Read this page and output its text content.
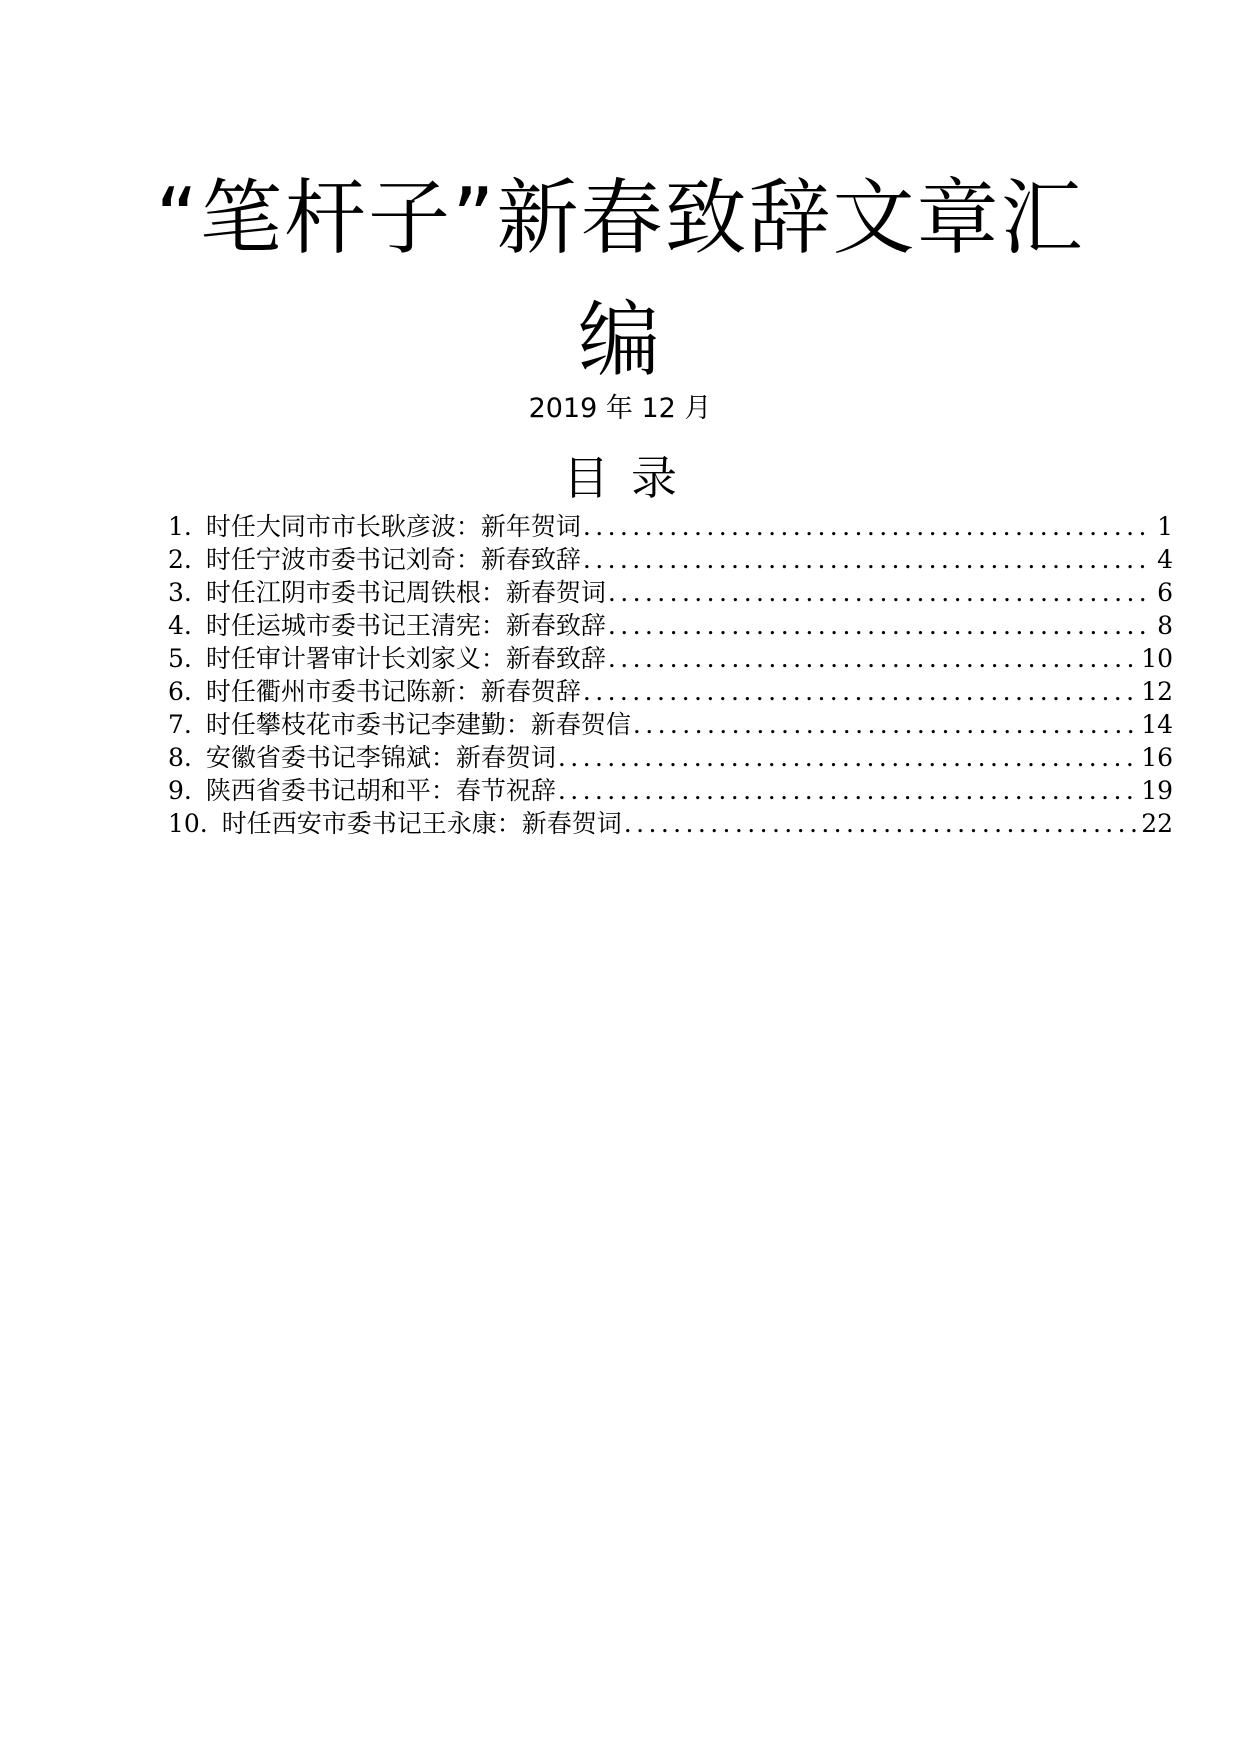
“笔杆子”新春致辞文章汇
编
2019 年 12 月
目录
1. 时任大同市市长耿彦波：新年贺词 .....	1
2. 时任宁波市委书记刘奇：新春致辞 .....	4
3. 时任江阴市委书记周铁根：新春贺词 .....	6
4. 时任运城市委书记王清宪：新春致辞 .....	8
5. 时任审计署审计长刘家义：新春致辞 .....	10
6. 时任衢州市委书记陈新：新春贺辞 .....	12
7. 时任攀枝花市委书记李建勤：新春贺信 .....	14
8. 安徽省委书记李锦斌：新春贺词 .....	16
9. 陕西省委书记胡和平：春节祝辞 .....	19
10. 时任西安市委书记王永康：新春贺词 .....	22
